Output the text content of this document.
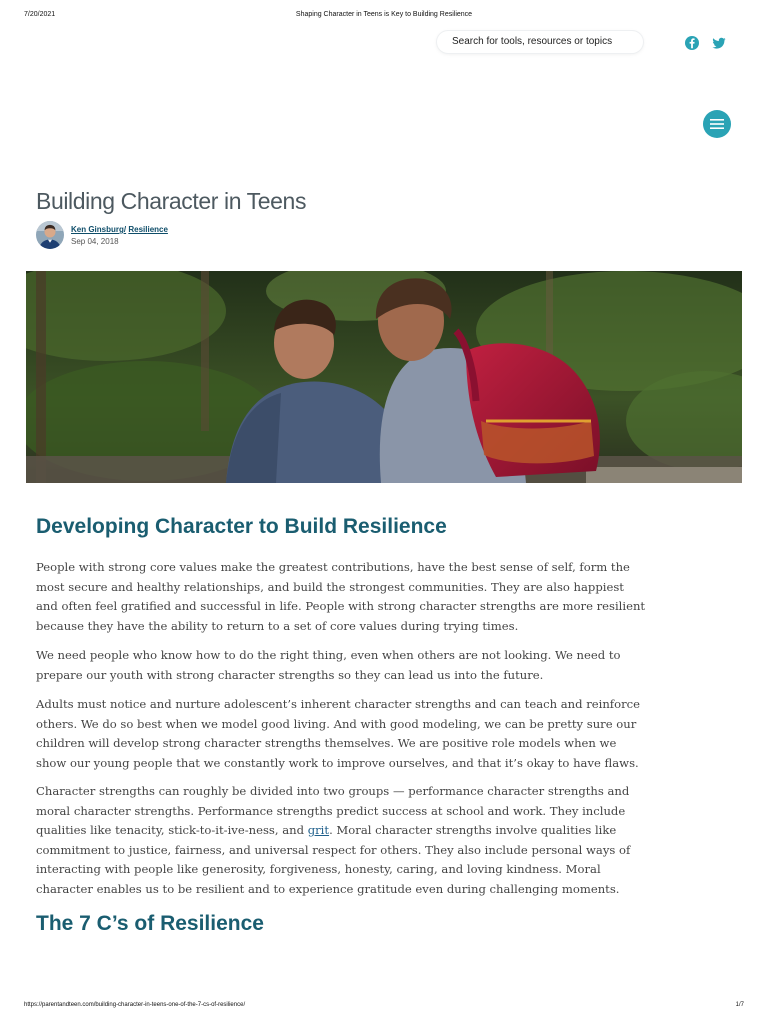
7/20/2021	Shaping Character in Teens is Key to Building Resilience
Search for tools, resources or topics
Building Character in Teens
Ken Ginsburg/ Resilience
Sep 04, 2018
Developing Character to Build Resilience

People with strong core values make the greatest contributions, have the best sense of self, form the most secure and healthy relationships, and build the strongest communities. They are also happiest and often feel gratified and successful in life. People with strong character strengths are more resilient because they have the ability to return to a set of core values during trying times.

We need people who know how to do the right thing, even when others are not looking. We need to prepare our youth with strong character strengths so they can lead us into the future.

Adults must notice and nurture adolescent’s inherent character strengths and can teach and reinforce others. We do so best when we model good living. And with good modeling, we can be pretty sure our children will develop strong character strengths themselves. We are positive role models when we show our young people that we constantly work to improve ourselves, and that it’s okay to have flaws.

Character strengths can roughly be divided into two groups — performance character strengths and moral character strengths. Performance strengths predict success at school and work. They include qualities like tenacity, stick-to-it-ive-ness, and grit. Moral character strengths involve qualities like commitment to justice, fairness, and universal respect for others. They also include personal ways of interacting with people like generosity, forgiveness, honesty, caring, and loving kindness. Moral character enables us to be resilient and to experience gratitude even during challenging moments.

The 7 C’s of Resilience
https://parentandteen.com/building-character-in-teens-one-of-the-7-cs-of-resilience/	1/7
